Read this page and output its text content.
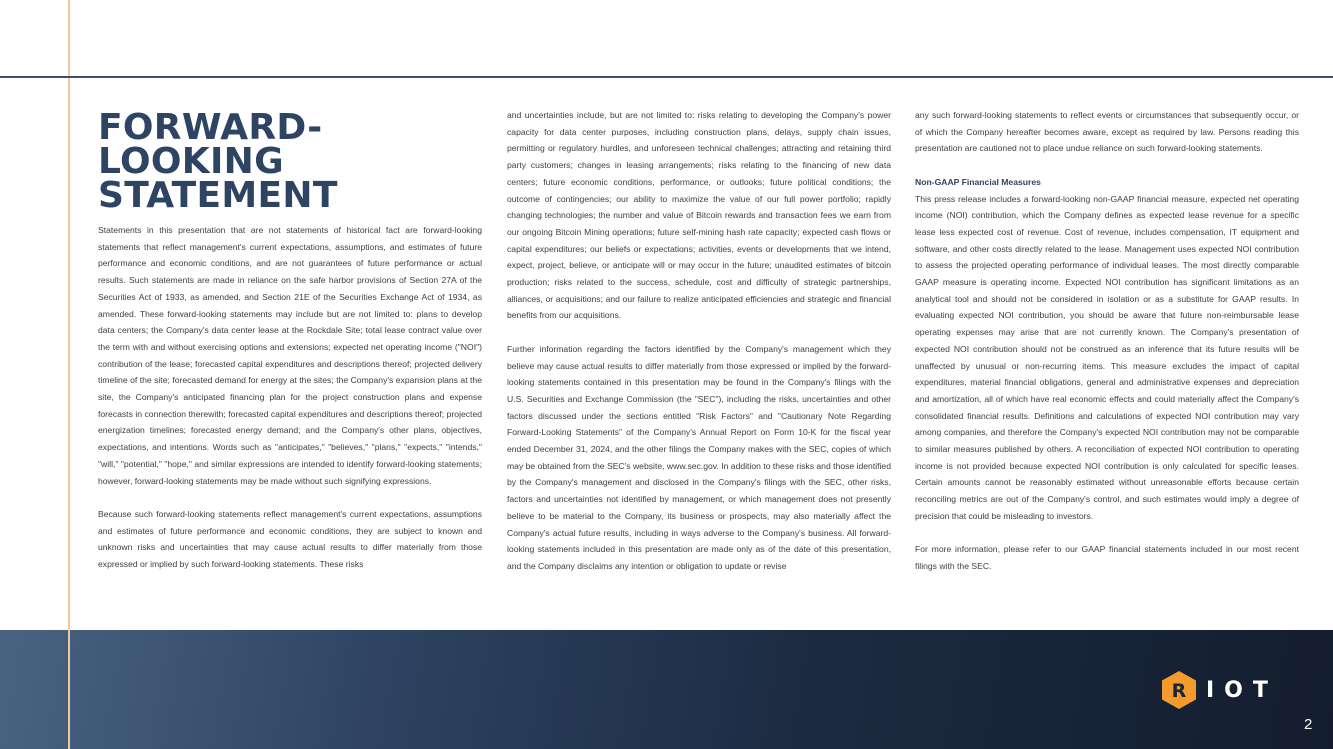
FORWARD-
LOOKING
STATEMENT

Statements in this presentation that are not statements of historical fact are forward-looking statements that reflect management's current expectations, assumptions, and estimates of future performance and economic conditions, and are not guarantees of future performance or actual results. Such statements are made in reliance on the safe harbor provisions of Section 27A of the Securities Act of 1933, as amended, and Section 21E of the Securities Exchange Act of 1934, as amended. These forward-looking statements may include but are not limited to: plans to develop data centers; the Company's data center lease at the Rockdale Site; total lease contract value over the term with and without exercising options and extensions; expected net operating income ("NOI") contribution of the lease; forecasted capital expenditures and descriptions thereof; projected delivery timeline of the site; forecasted demand for energy at the sites; the Company's expansion plans at the site, the Company's anticipated financing plan for the project construction plans and expense forecasts in connection therewith; forecasted capital expenditures and descriptions thereof; projected energization timelines; forecasted energy demand; and the Company's other plans, objectives, expectations, and intentions. Words such as "anticipates," "believes," "plans," "expects," "intends," "will," "potential," "hope," and similar expressions are intended to identify forward-looking statements; however, forward-looking statements may be made without such signifying expressions.

Because such forward-looking statements reflect management's current expectations, assumptions and estimates of future performance and economic conditions, they are subject to known and unknown risks and uncertainties that may cause actual results to differ materially from those expressed or implied by such forward-looking statements. These risks

and uncertainties include, but are not limited to: risks relating to developing the Company's power capacity for data center purposes, including construction plans, delays, supply chain issues, permitting or regulatory hurdles, and unforeseen technical challenges; attracting and retaining third party customers; changes in leasing arrangements; risks relating to the financing of new data centers; future economic conditions, performance, or outlooks; future political conditions; the outcome of contingencies; our ability to maximize the value of our full power portfolio; rapidly changing technologies; the number and value of Bitcoin rewards and transaction fees we earn from our ongoing Bitcoin Mining operations; future self-mining hash rate capacity; expected cash flows or capital expenditures; our beliefs or expectations; activities, events or developments that we intend, expect, project, believe, or anticipate will or may occur in the future; unaudited estimates of bitcoin production; risks related to the success, schedule, cost and difficulty of strategic partnerships, alliances, or acquisitions; and our failure to realize anticipated efficiencies and strategic and financial benefits from our acquisitions.

Further information regarding the factors identified by the Company's management which they believe may cause actual results to differ materially from those expressed or implied by the forward-looking statements contained in this presentation may be found in the Company's filings with the U.S. Securities and Exchange Commission (the "SEC"), including the risks, uncertainties and other factors discussed under the sections entitled "Risk Factors" and "Cautionary Note Regarding Forward-Looking Statements" of the Company's Annual Report on Form 10-K for the fiscal year ended December 31, 2024, and the other filings the Company makes with the SEC, copies of which may be obtained from the SEC's website, www.sec.gov. In addition to these risks and those identified by the Company's management and disclosed in the Company's filings with the SEC, other risks, factors and uncertainties not identified by management, or which management does not presently believe to be material to the Company, its business or prospects, may also materially affect the Company's actual future results, including in ways adverse to the Company's business. All forward-looking statements included in this presentation are made only as of the date of this presentation, and the Company disclaims any intention or obligation to update or revise

any such forward-looking statements to reflect events or circumstances that subsequently occur, or of which the Company hereafter becomes aware, except as required by law. Persons reading this presentation are cautioned not to place undue reliance on such forward-looking statements.

Non-GAAP Financial Measures

This press release includes a forward-looking non-GAAP financial measure, expected net operating income (NOI) contribution, which the Company defines as expected lease revenue for a specific lease less expected cost of revenue. Cost of revenue, includes compensation, IT equipment and software, and other costs directly related to the lease. Management uses expected NOI contribution to assess the projected operating performance of individual leases. The most directly comparable GAAP measure is operating income. Expected NOI contribution has significant limitations as an analytical tool and should not be considered in isolation or as a substitute for GAAP results. In evaluating expected NOI contribution, you should be aware that future non-reimbursable lease operating expenses may arise that are not currently known. The Company's presentation of expected NOI contribution should not be construed as an inference that its future results will be unaffected by unusual or non-recurring items. This measure excludes the impact of capital expenditures, material financial obligations, general and administrative expenses and depreciation and amortization, all of which have real economic effects and could materially affect the Company's consolidated financial results. Definitions and calculations of expected NOI contribution may vary among companies, and therefore the Company's expected NOI contribution may not be comparable to similar measures published by others. A reconciliation of expected NOI contribution to operating income is not provided because expected NOI contribution is only calculated for specific leases. Certain amounts cannot be reasonably estimated without unreasonable efforts because certain reconciling metrics are out of the Company's control, and such estimates would imply a degree of precision that could be misleading to investors.

For more information, please refer to our GAAP financial statements included in our most recent filings with the SEC.

R IOT
2
